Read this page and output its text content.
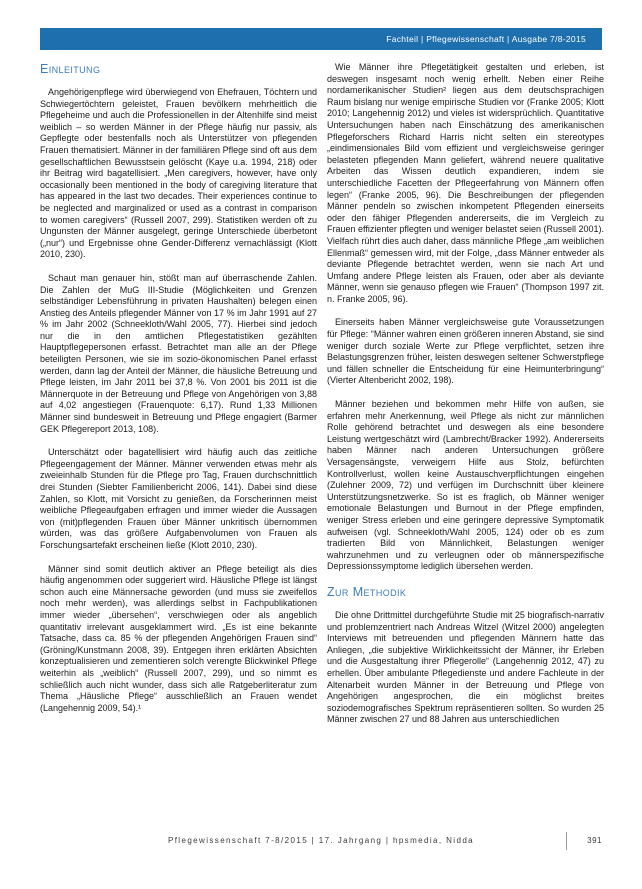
Fachteil | Pflegewissenschaft | Ausgabe 7/8-2015
Einleitung

Angehörigenpflege wird überwiegend von Ehefrauen, Töchtern und Schwiegertöchtern geleistet, Frauen bevölkern mehrheitlich die Pflegeheime und auch die Professionellen in der Altenhilfe sind meist weiblich – so werden Männer in der Pflege häufig nur passiv, als Gepflegte oder bestenfalls noch als Unterstützer von pflegenden Frauen thematisiert. Männer in der familiären Pflege sind oft aus dem gesellschaftlichen Bewusstsein gelöscht (Kaye u.a. 1994, 218) oder ihr Beitrag wird bagatellisiert. „Men caregivers, however, have only occasionally been mentioned in the body of caregiving literature that has appeared in the last two decades. Their experiences continue to be neglected and marginalized or used as a contrast in comparison to women caregivers“ (Russell 2007, 299). Statistiken werden oft zu Ungunsten der Männer ausgelegt, geringe Unterschiede überbetont („nur“) und Ergebnisse ohne Gender-Differenz vernachlässigt (Klott 2010, 230).

Schaut man genauer hin, stößt man auf überraschende Zahlen. Die Zahlen der MuG III-Studie (Möglichkeiten und Grenzen selbständiger Lebensführung in privaten Haushalten) belegen einen Anstieg des Anteils pflegender Männer von 17 % im Jahr 1991 auf 27 % im Jahr 2002 (Schneekloth/Wahl 2005, 77). Hierbei sind jedoch nur die in den amtlichen Pflegestatistiken gezählten Hauptpflegepersonen erfasst. Betrachtet man alle an der Pflege beteiligten Personen, wie sie im sozio-ökonomischen Panel erfasst werden, dann lag der Anteil der Männer, die häusliche Betreuung und Pflege leisten, im Jahr 2011 bei 37,8 %. Von 2001 bis 2011 ist die Männerquote in der Betreuung und Pflege von Angehörigen von 3,88 auf 4,02 angestiegen (Frauenquote: 6,17). Rund 1,33 Millionen Männer sind bundesweit in Betreuung und Pflege engagiert (Barmer GEK Pflegereport 2013, 108).

Unterschätzt oder bagatellisiert wird häufig auch das zeitliche Pflegeengagement der Männer. Männer verwenden etwas mehr als zweieinhalb Stunden für die Pflege pro Tag, Frauen durchschnittlich drei Stunden (Siebter Familienbericht 2006, 141). Dabei sind diese Zahlen, so Klott, mit Vorsicht zu genießen, da Forscherinnen meist weibliche Pflegeaufgaben erfragen und immer wieder die Aussagen von (mit)pflegenden Frauen über Männer unkritisch übernommen würden, was das größere Aufgabenvolumen von Frauen als Forschungsartefakt erscheinen ließe (Klott 2010, 230).

Männer sind somit deutlich aktiver an Pflege beteiligt als dies häufig angenommen oder suggeriert wird. Häusliche Pflege ist längst schon auch eine Männersache geworden (und muss sie zweifellos noch mehr werden), was allerdings selbst in Fachpublikationen immer wieder „übersehen“, verschwiegen oder als angeblich quantitativ irrelevant ausgeklammert wird. „Es ist eine bekannte Tatsache, dass ca. 85 % der pflegenden Angehörigen Frauen sind“ (Gröning/Kunstmann 2008, 39). Entgegen ihren erklärten Absichten konzeptualisieren und zementieren solch verengte Blickwinkel Pflege weiterhin als „weiblich“ (Russell 2007, 299), und so nimmt es schließlich auch nicht wunder, dass sich alle Ratgeberliteratur zum Thema „Häusliche Pflege“ ausschließlich an Frauen wendet (Langehennig 2009, 54).¹

Wie Männer ihre Pflegetätigkeit gestalten und erleben, ist deswegen insgesamt noch wenig erhellt. Neben einer Reihe nordamerikanischer Studien² liegen aus dem deutschsprachigen Raum bislang nur wenige empirische Studien vor (Franke 2005; Klott 2010; Langehennig 2012) und vieles ist widersprüchlich. Quantitative Untersuchungen haben nach Einschätzung des amerikanischen Pflegeforschers Richard Harris nicht selten ein stereotypes „eindimensionales Bild vom effizient und vergleichsweise geringer belasteten pflegenden Mann geliefert, während neuere qualitative Arbeiten das Wissen deutlich expandieren, indem sie unterschiedliche Facetten der Pflegeerfahrung von Männern offen legen“ (Franke 2005, 96). Die Beschreibungen der pflegenden Männer pendeln so zwischen inkompetent Pflegenden einerseits oder den fähiger Pflegenden andererseits, die im Vergleich zu Frauen effizienter pflegten und weniger belastet seien (Russell 2001). Vielfach rührt dies auch daher, dass männliche Pflege „am weiblichen Ellenmaß“ gemessen wird, mit der Folge, „dass Männer entweder als deviante Pflegende betrachtet werden, wenn sie nach Art und Umfang andere Pflege leisten als Frauen, oder aber als deviante Männer, wenn sie genauso pflegen wie Frauen“ (Thompson 1997 zit. n. Franke 2005, 96).

Einerseits haben Männer vergleichsweise gute Voraussetzungen für Pflege: “Männer wahren einen größeren inneren Abstand, sie sind weniger durch soziale Werte zur Pflege verpflichtet, setzen ihre Belastungsgrenzen früher, leisten deswegen seltener Schwerstpflege und fällen schneller die Entscheidung für eine Heimunterbringung“ (Vierter Altenbericht 2002, 198).

Männer beziehen und bekommen mehr Hilfe von außen, sie erfahren mehr Anerkennung, weil Pflege als nicht zur männlichen Rolle gehörend betrachtet und deswegen als eine besondere Leistung wertgeschätzt wird (Lambrecht/Bracker 1992). Andererseits haben Männer nach anderen Untersuchungen größere Versagensängste, verweigern Hilfe aus Stolz, befürchten Kontrollverlust, wollen keine Austauschverpflichtungen eingehen (Zulehner 2009, 72) und verfügen im Durchschnitt über kleinere Unterstützungsnetzwerke. So ist es fraglich, ob Männer weniger emotionale Belastungen und Burnout in der Pflege empfinden, weniger Stress erleben und eine geringere depressive Symptomatik aufweisen (vgl. Schneekloth/Wahl 2005, 124) oder ob es zum tradierten Bild von Männlichkeit, Belastungen weniger wahrzunehmen und zu verleugnen oder ob männerspezifische Depressionssymptome lediglich übersehen werden.

Zur Methodik

Die ohne Drittmittel durchgeführte Studie mit 25 biografisch-narrativ und problemzentriert nach Andreas Witzel (Witzel 2000) angelegten Interviews mit betreuenden und pflegenden Männern hatte das Anliegen, „die subjektive Wirklichkeitssicht der Männer, ihr Erleben und die Ausgestaltung ihrer Pflegerolle“ (Langehennig 2012, 47) zu erhellen. Über ambulante Pflegedienste und andere Fachleute in der Altenarbeit wurden Männer in der Betreuung und Pflege von Angehörigen angesprochen, die ein möglichst breites soziodemografisches Spektrum repräsentieren sollten. So wurden 25 Männer zwischen 27 und 88 Jahren aus unterschiedlichen

Pflegewissenschaft 7-8/2015 | 17. Jahrgang | hpsmedia, Nidda	391
